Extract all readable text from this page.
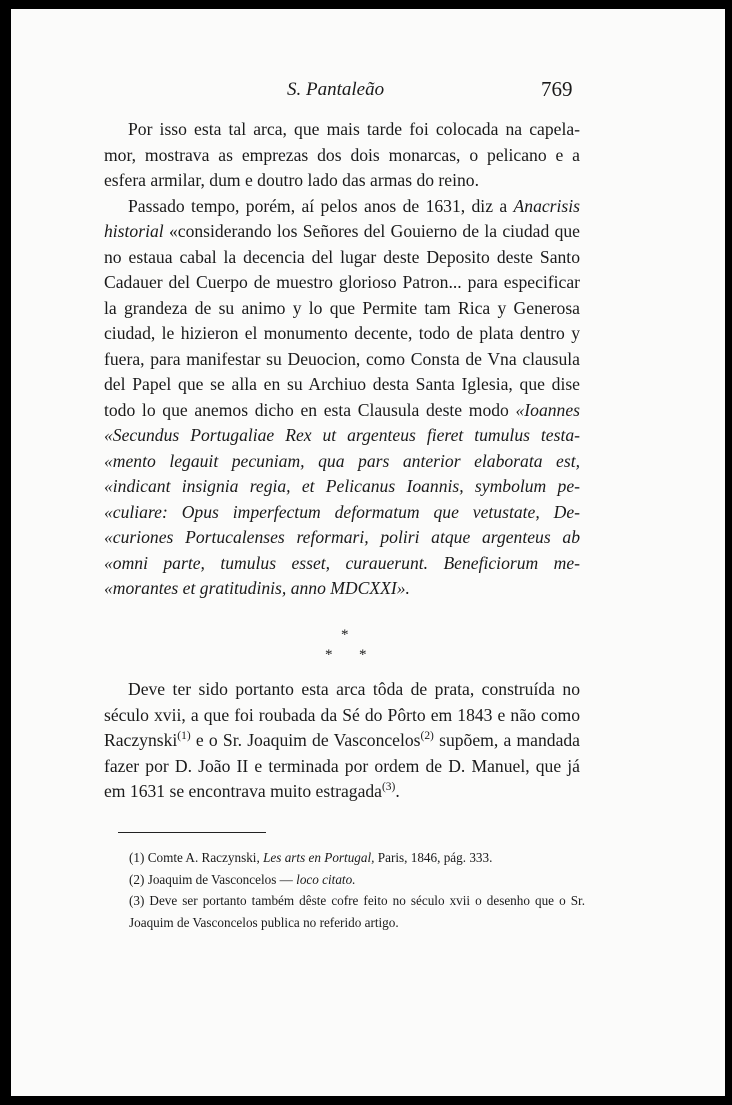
S. Pantaleão	769

Por isso esta tal arca, que mais tarde foi colocada na capela-mor, mostrava as emprezas dos dois monarcas, o pelicano e a esfera armilar, dum e doutro lado das armas do reino.

Passado tempo, porém, aí pelos anos de 1631, diz a Anacrisis historial «considerando los Señores del Gouierno de la ciudad que no estaua cabal la decencia del lugar deste Deposito deste Santo Cadauer del Cuerpo de muestro glorioso Patron... para especificar la grandeza de su animo y lo que Permite tam Rica y Generosa ciudad, le hizieron el monumento decente, todo de plata dentro y fuera, para manifestar su Deuocion, como Consta de Vna clausula del Papel que se alla en su Archiuo desta Santa Iglesia, que dise todo lo que anemos dicho en esta Clausula deste modo «Ioannes «Secundus Portugaliae Rex ut argenteus fieret tumulus testa- «mento legauit pecuniam, qua pars anterior elaborata est, «indicant insignia regia, et Pelicanus Ioannis, symbolum pe- «culiare: Opus imperfectum deformatum que vetustate, De- «curiones Portucalenses reformari, poliri atque argenteus ab «omni parte, tumulus esset, curauerunt. Beneficiorum me- «morantes et gratitudinis, anno MDCXXI».

*
* *

Deve ter sido portanto esta arca tôda de prata, construída no século xvii, a que foi roubada da Sé do Pôrto em 1843 e não como Raczynski$^{(1)}$ e o Sr. Joaquim de Vasconcelos$^{(2)}$ supõem, a mandada fazer por D. João II e terminada por ordem de D. Manuel, que já em 1631 se encontrava muito estragada$^{(3)}$.

(1) Comte A. Raczynski, Les arts en Portugal, Paris, 1846, pág. 333.

(2) Joaquim de Vasconcelos — loco citato.

(3) Deve ser portanto também dêste cofre feito no século xvii o desenho que o Sr. Joaquim de Vasconcelos publica no referido artigo.
